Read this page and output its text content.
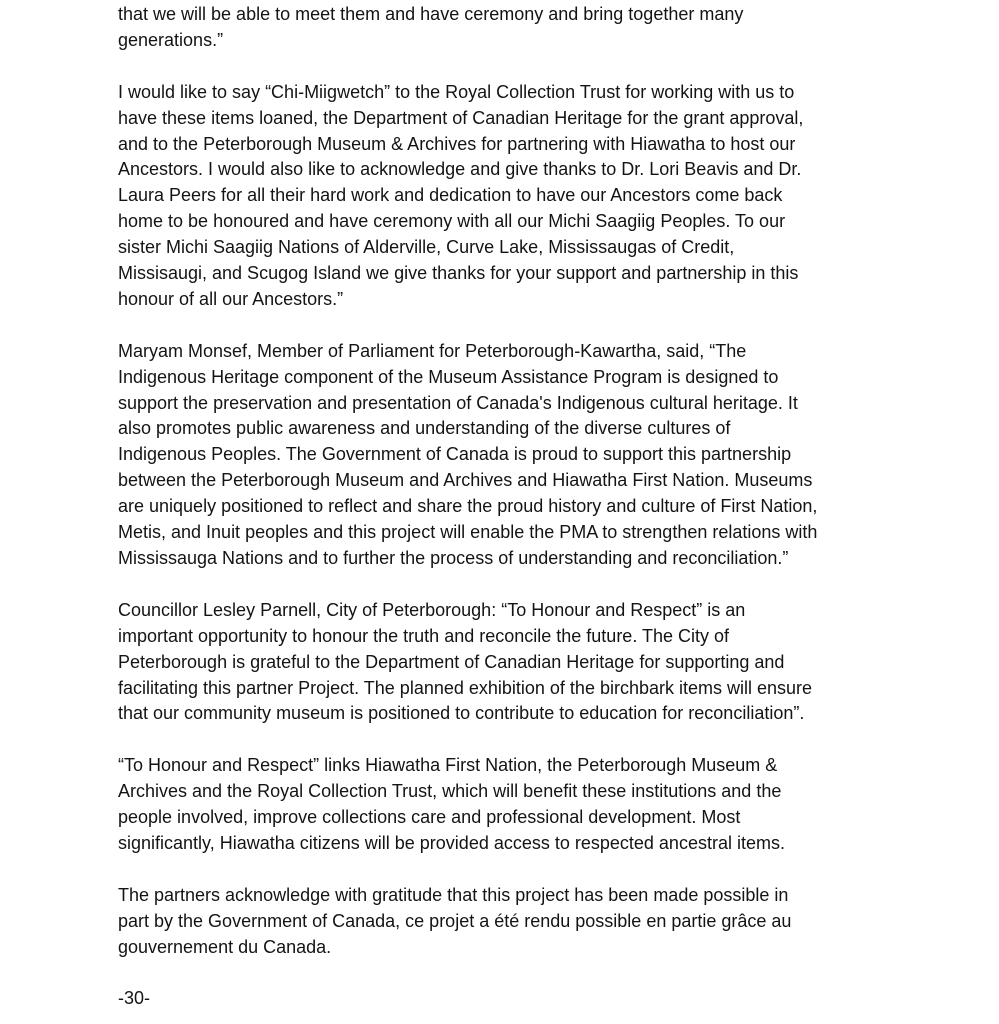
that we will be able to meet them and have ceremony and bring together many
generations.”

I would like to say “Chi-Miigwetch” to the Royal Collection Trust for working with us to
have these items loaned, the Department of Canadian Heritage for the grant approval,
and to the Peterborough Museum & Archives for partnering with Hiawatha to host our
Ancestors. I would also like to acknowledge and give thanks to Dr. Lori Beavis and Dr.
Laura Peers for all their hard work and dedication to have our Ancestors come back
home to be honoured and have ceremony with all our Michi Saagiig Peoples. To our
sister Michi Saagiig Nations of Alderville, Curve Lake, Mississaugas of Credit,
Missisaugi, and Scugog Island we give thanks for your support and partnership in this
honour of all our Ancestors.”

Maryam Monsef, Member of Parliament for Peterborough-Kawartha, said, “The
Indigenous Heritage component of the Museum Assistance Program is designed to
support the preservation and presentation of Canada's Indigenous cultural heritage. It
also promotes public awareness and understanding of the diverse cultures of
Indigenous Peoples. The Government of Canada is proud to support this partnership
between the Peterborough Museum and Archives and Hiawatha First Nation. Museums
are uniquely positioned to reflect and share the proud history and culture of First Nation,
Metis, and Inuit peoples and this project will enable the PMA to strengthen relations with
Mississauga Nations and to further the process of understanding and reconciliation.”

Councillor Lesley Parnell, City of Peterborough: “To Honour and Respect” is an
important opportunity to honour the truth and reconcile the future. The City of
Peterborough is grateful to the Department of Canadian Heritage for supporting and
facilitating this partner Project. The planned exhibition of the birchbark items will ensure
that our community museum is positioned to contribute to education for reconciliation”.

“To Honour and Respect” links Hiawatha First Nation, the Peterborough Museum &
Archives and the Royal Collection Trust, which will benefit these institutions and the
people involved, improve collections care and professional development. Most
significantly, Hiawatha citizens will be provided access to respected ancestral items.

The partners acknowledge with gratitude that this project has been made possible in
part by the Government of Canada, ce projet a été rendu possible en partie grâce au
gouvernement du Canada.

-30-
